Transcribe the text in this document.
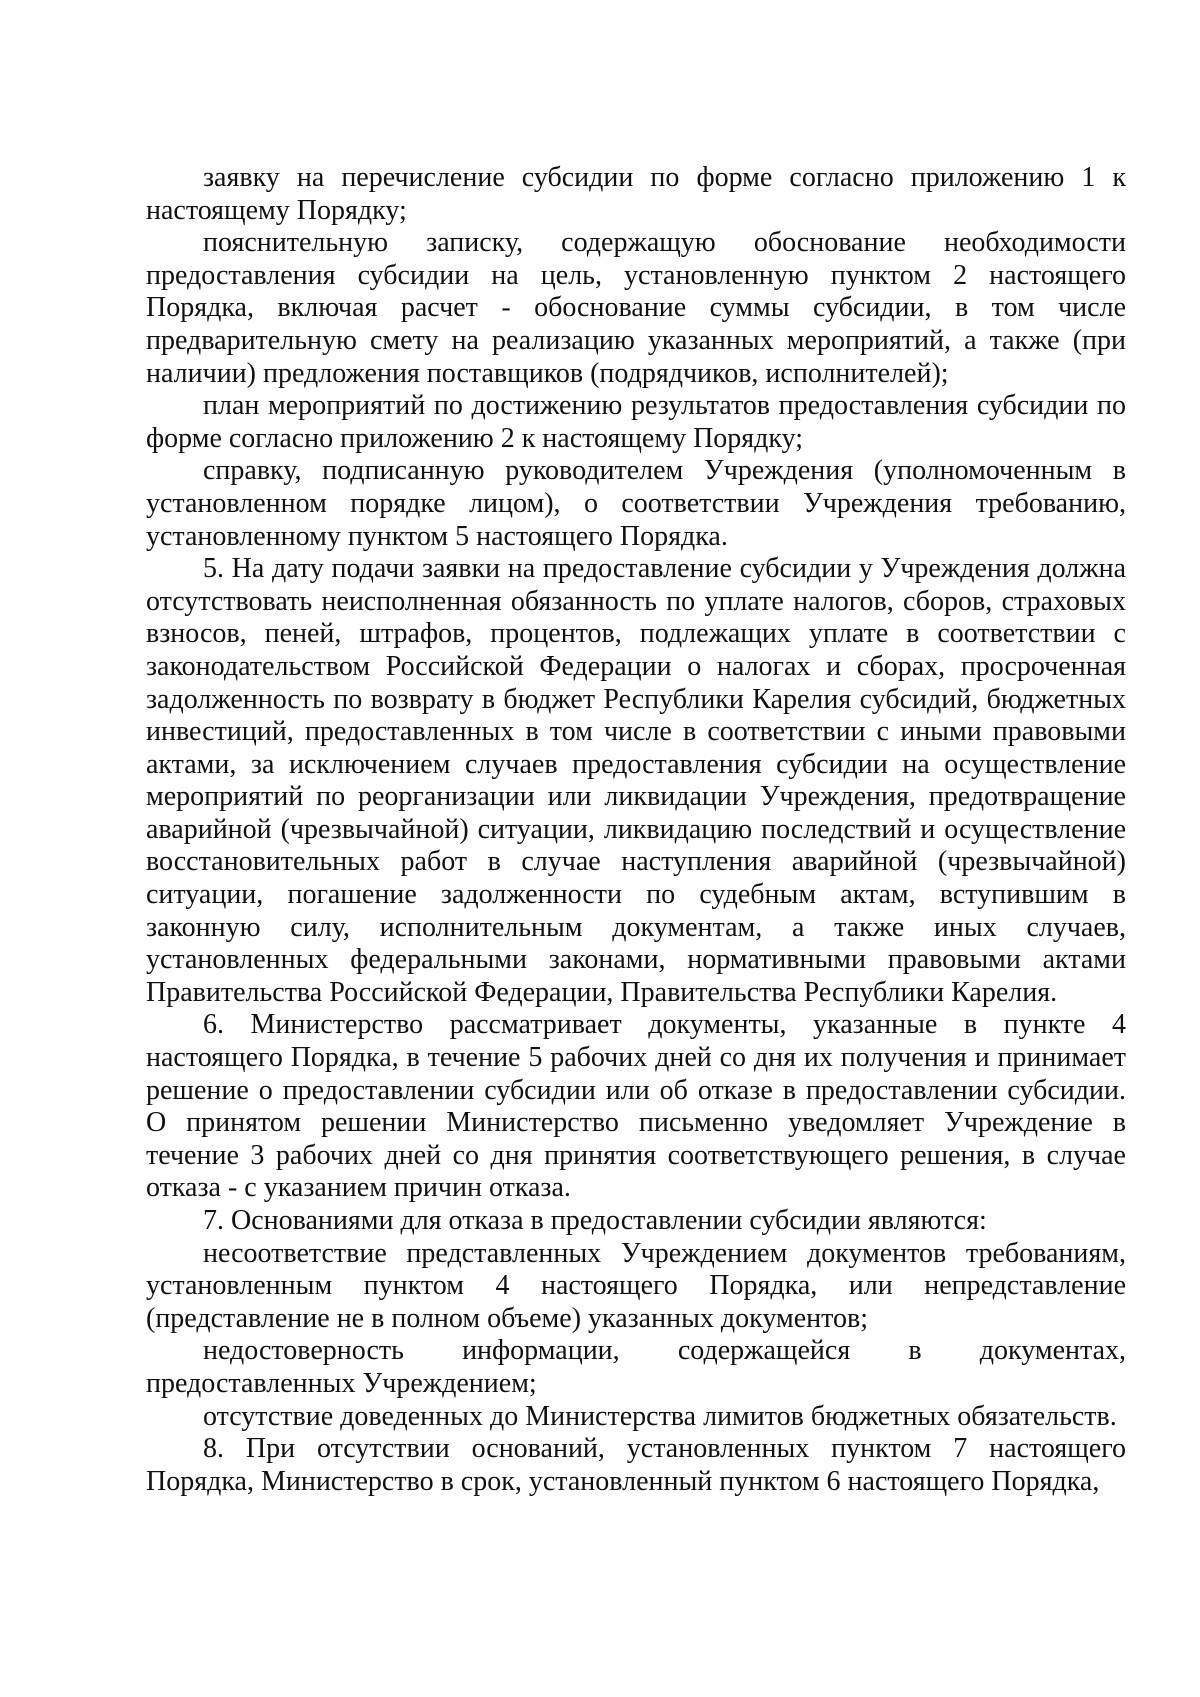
заявку на перечисление субсидии по форме согласно приложению 1 к настоящему Порядку;

пояснительную записку, содержащую обоснование необходимости предоставления субсидии на цель, установленную пунктом 2 настоящего Порядка, включая расчет - обоснование суммы субсидии, в том числе предварительную смету на реализацию указанных мероприятий, а также (при наличии) предложения поставщиков (подрядчиков, исполнителей);

план мероприятий по достижению результатов предоставления субсидии по форме согласно приложению 2 к настоящему Порядку;

справку, подписанную руководителем Учреждения (уполномоченным в установленном порядке лицом), о соответствии Учреждения требованию, установленному пунктом 5 настоящего Порядка.

5. На дату подачи заявки на предоставление субсидии у Учреждения должна отсутствовать неисполненная обязанность по уплате налогов, сборов, страховых взносов, пеней, штрафов, процентов, подлежащих уплате в соответствии с законодательством Российской Федерации о налогах и сборах, просроченная задолженность по возврату в бюджет Республики Карелия субсидий, бюджетных инвестиций, предоставленных в том числе в соответствии с иными правовыми актами, за исключением случаев предоставления субсидии на осуществление мероприятий по реорганизации или ликвидации Учреждения, предотвращение аварийной (чрезвычайной) ситуации, ликвидацию последствий и осуществление восстановительных работ в случае наступления аварийной (чрезвычайной) ситуации, погашение задолженности по судебным актам, вступившим в законную силу, исполнительным документам, а также иных случаев, установленных федеральными законами, нормативными правовыми актами Правительства Российской Федерации, Правительства Республики Карелия.

6. Министерство рассматривает документы, указанные в пункте 4 настоящего Порядка, в течение 5 рабочих дней со дня их получения и принимает решение о предоставлении субсидии или об отказе в предоставлении субсидии. О принятом решении Министерство письменно уведомляет Учреждение в течение 3 рабочих дней со дня принятия соответствующего решения, в случае отказа - с указанием причин отказа.

7. Основаниями для отказа в предоставлении субсидии являются:

несоответствие представленных Учреждением документов требованиям, установленным пунктом 4 настоящего Порядка, или непредставление (представление не в полном объеме) указанных документов;

недостоверность информации, содержащейся в документах, предоставленных Учреждением;

отсутствие доведенных до Министерства лимитов бюджетных обязательств.

8. При отсутствии оснований, установленных пунктом 7 настоящего Порядка, Министерство в срок, установленный пунктом 6 настоящего Порядка,
